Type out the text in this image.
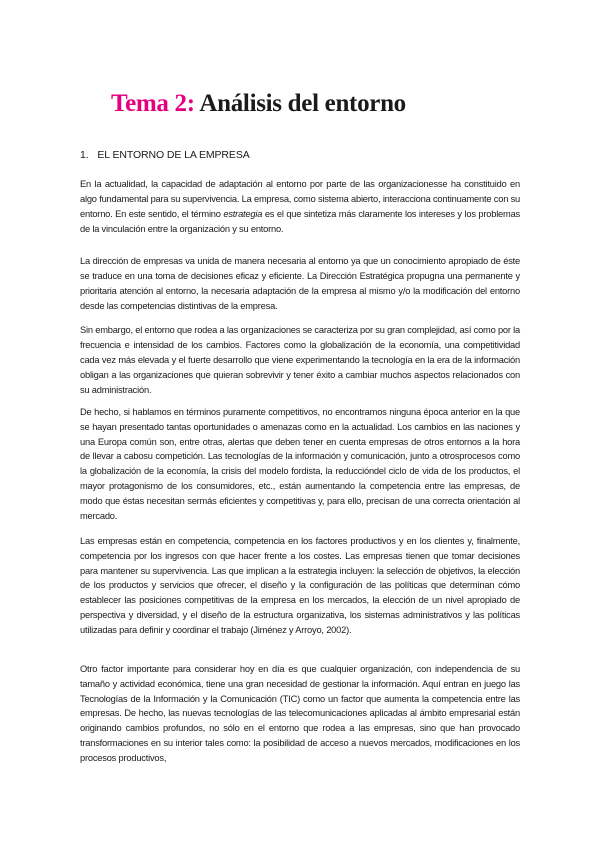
Tema 2: Análisis del entorno
1. EL ENTORNO DE LA EMPRESA

En la actualidad, la capacidad de adaptación al entorno por parte de las organizacionesse ha constituido en algo fundamental para su supervivencia. La empresa, como sistema abierto, interacciona continuamente con su entorno. En este sentido, el término estrategia es el que sintetiza más claramente los intereses y los problemas de la vinculación entre la organización y su entorno.

La dirección de empresas va unida de manera necesaria al entorno ya que un conocimiento apropiado de éste se traduce en una toma de decisiones eficaz y eficiente. La Dirección Estratégica propugna una permanente y prioritaria atención al entorno, la necesaria adaptación de la empresa al mismo y/o la modificación del entorno desde las competencias distintivas de la empresa.

Sin embargo, el entorno que rodea a las organizaciones se caracteriza por su gran complejidad, así como por la frecuencia e intensidad de los cambios. Factores como la globalización de la economía, una competitividad cada vez más elevada y el fuerte desarrollo que viene experimentando la tecnología en la era de la información obligan a las organizaciones que quieran sobrevivir y tener éxito a cambiar muchos aspectos relacionados con su administración.

De hecho, si hablamos en términos puramente competitivos, no encontramos ninguna época anterior en la que se hayan presentado tantas oportunidades o amenazas como en la actualidad. Los cambios en las naciones y una Europa común son, entre otras, alertas que deben tener en cuenta empresas de otros entornos a la hora de llevar a cabosu competición. Las tecnologías de la información y comunicación, junto a otrosprocesos como la globalización de la economía, la crisis del modelo fordista, la reduccióndel ciclo de vida de los productos, el mayor protagonismo de los consumidores, etc., están aumentando la competencia entre las empresas, de modo que éstas necesitan sermás eficientes y competitivas y, para ello, precisan de una correcta orientación al mercado.

Las empresas están en competencia, competencia en los factores productivos y en los clientes y, finalmente, competencia por los ingresos con que hacer frente a los costes. Las empresas tienen que tomar decisiones para mantener su supervivencia. Las que implican a la estrategia incluyen: la selección de objetivos, la elección de los productos y servicios que ofrecer, el diseño y la configuración de las políticas que determinan cómo establecer las posiciones competitivas de la empresa en los mercados, la elección de un nivel apropiado de perspectiva y diversidad, y el diseño de la estructura organizativa, los sistemas administrativos y las políticas utilizadas para definir y coordinar el trabajo (Jiménez y Arroyo, 2002).

Otro factor importante para considerar hoy en día es que cualquier organización, con independencia de su tamaño y actividad económica, tiene una gran necesidad de gestionar la información. Aquí entran en juego las Tecnologías de la Información y la Comunicación (TIC) como un factor que aumenta la competencia entre las empresas. De hecho, las nuevas tecnologías de las telecomunicaciones aplicadas al ámbito empresarial están originando cambios profundos, no sólo en el entorno que rodea a las empresas, sino que han provocado transformaciones en su interior tales como: la posibilidad de acceso a nuevos mercados, modificaciones en los procesos productivos,
